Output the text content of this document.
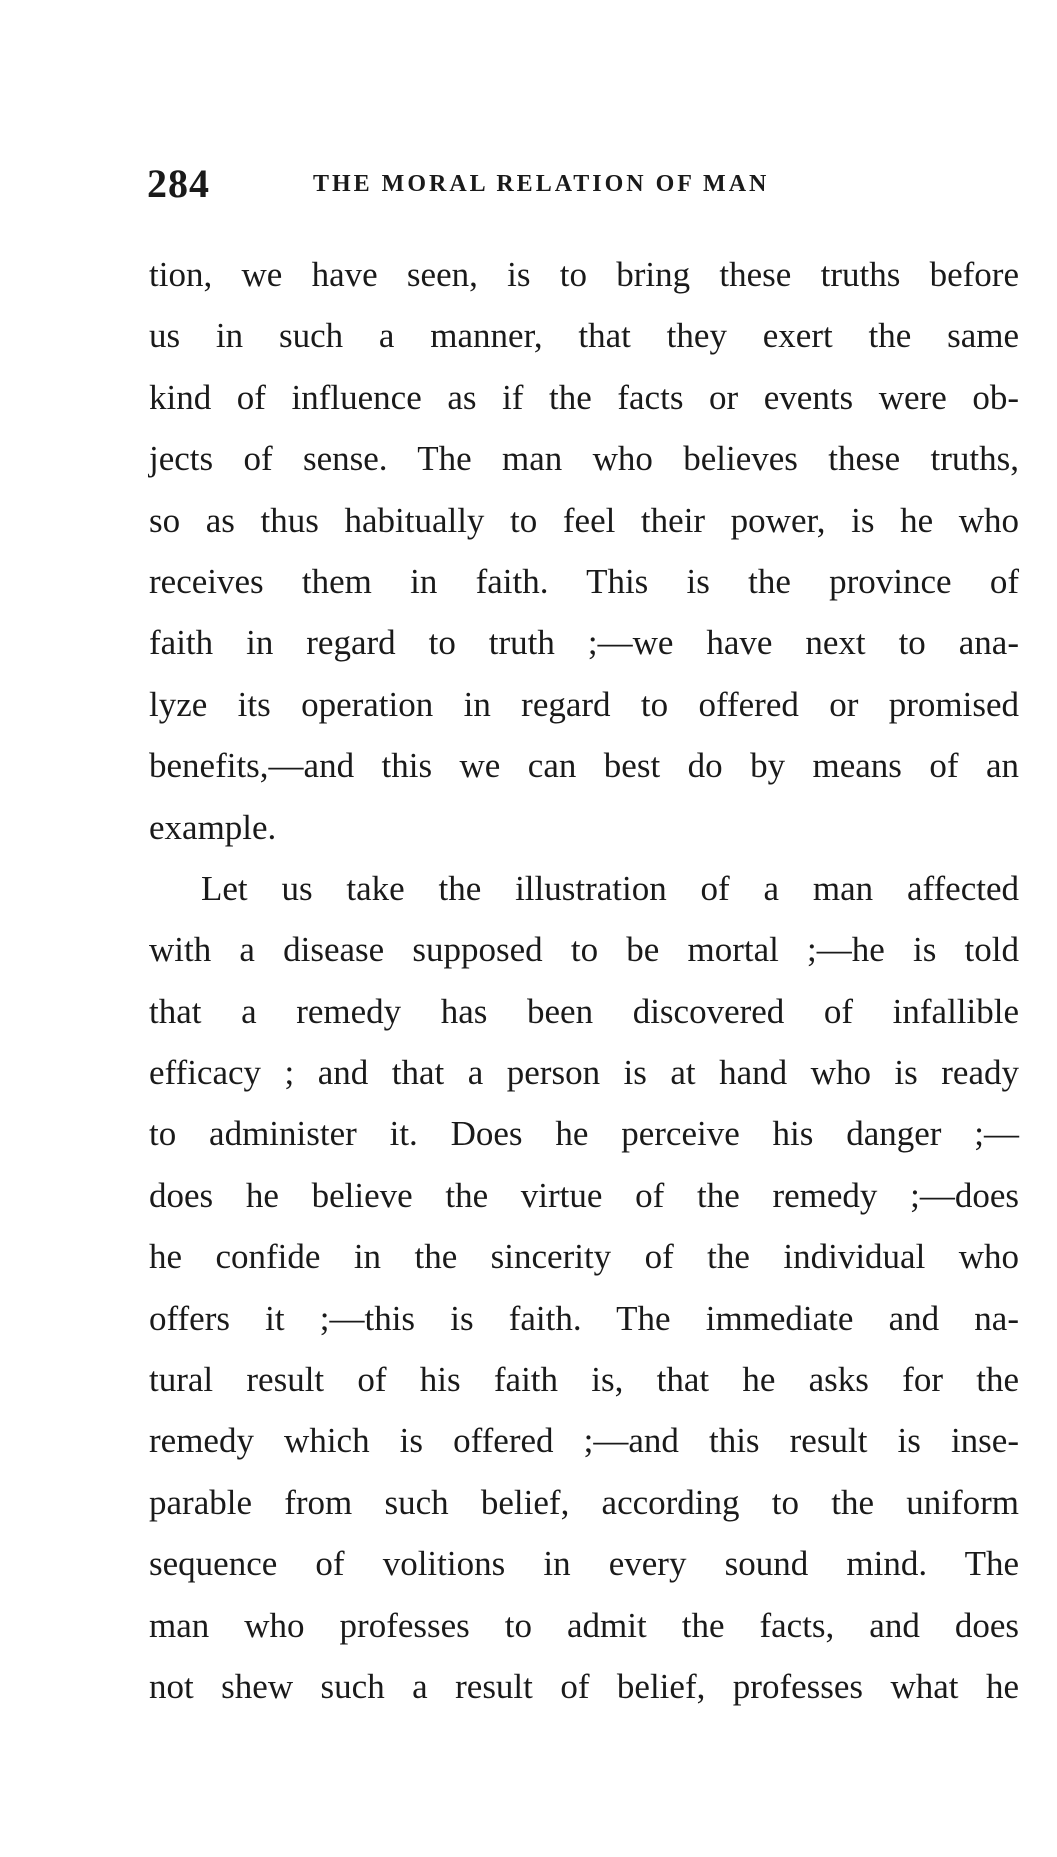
284	THE MORAL RELATION OF MAN
tion, we have seen, is to bring these truths before
us in such a manner, that they exert the same
kind of influence as if the facts or events were ob-
jects of sense. The man who believes these truths,
so as thus habitually to feel their power, is he who
receives them in faith. This is the province of
faith in regard to truth ;—we have next to ana-
lyze its operation in regard to offered or promised
benefits,—and this we can best do by means of an
example.
Let us take the illustration of a man affected
with a disease supposed to be mortal ;—he is told
that a remedy has been discovered of infallible
efficacy ; and that a person is at hand who is ready
to administer it. Does he perceive his danger ;—
does he believe the virtue of the remedy ;—does
he confide in the sincerity of the individual who
offers it ;—this is faith. The immediate and na-
tural result of his faith is, that he asks for the
remedy which is offered ;—and this result is inse-
parable from such belief, according to the uniform
sequence of volitions in every sound mind. The
man who professes to admit the facts, and does
not shew such a result of belief, professes what he
